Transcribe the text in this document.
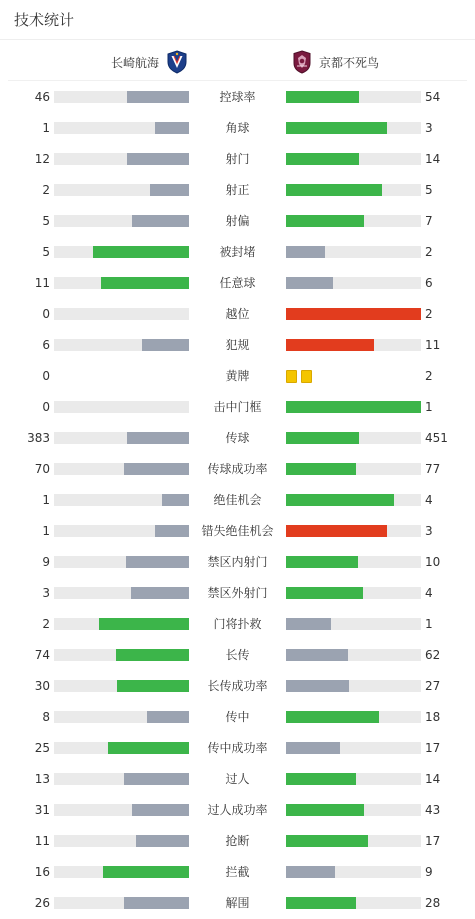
技术统计
长崎航海	京都不死鸟
46	控球率	54
1	角球	3
12	射门	14
2	射正	5
5	射偏	7
5	被封堵	2
11	任意球	6
0	越位	2
6	犯规	11
0	黄牌	2
0	击中门框	1
383	传球	451
70	传球成功率	77
1	绝佳机会	4
1	错失绝佳机会	3
9	禁区内射门	10
3	禁区外射门	4
2	门将扑救	1
74	长传	62
30	长传成功率	27
8	传中	18
25	传中成功率	17
13	过人	14
31	过人成功率	43
11	抢断	17
16	拦截	9
26	解围	28
